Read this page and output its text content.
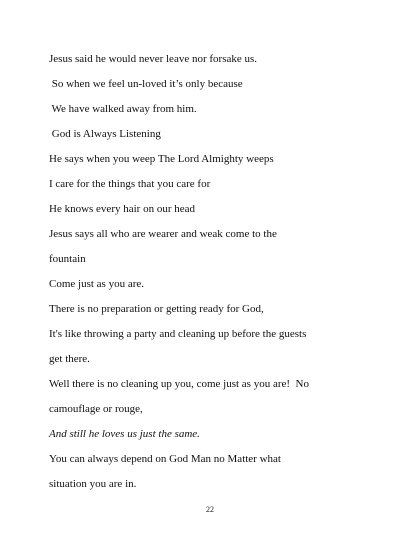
Jesus said he would never leave nor forsake us.

So when we feel un-loved it’s only because

We have walked away from him.

God is Always Listening

He says when you weep The Lord Almighty weeps

I care for the things that you care for

He knows every hair on our head

Jesus says all who are wearer and weak come to the

fountain

Come just as you are.

There is no preparation or getting ready for God,

It's like throwing a party and cleaning up before the guests

get there.

Well there is no cleaning up you, come just as you are!  No

camouflage or rouge,

And still he loves us just the same.

You can always depend on God Man no Matter what

situation you are in.

22
